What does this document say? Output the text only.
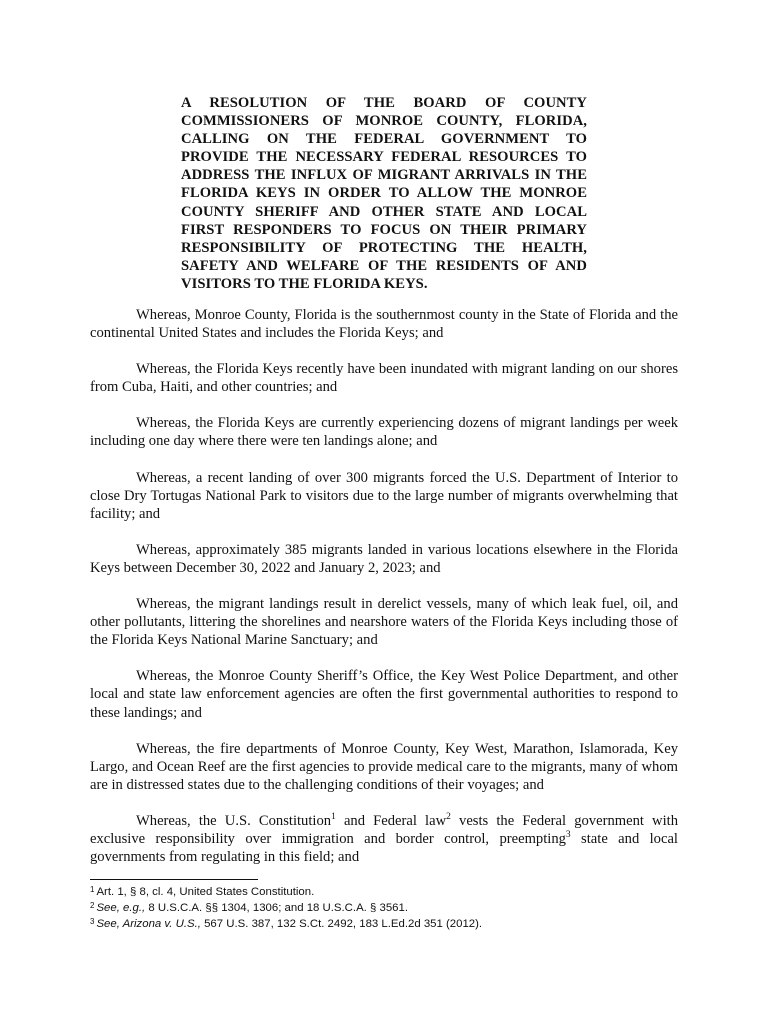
A RESOLUTION OF THE BOARD OF COUNTY COMMISSIONERS OF MONROE COUNTY, FLORIDA, CALLING ON THE FEDERAL GOVERNMENT TO PROVIDE THE NECESSARY FEDERAL RESOURCES TO ADDRESS THE INFLUX OF MIGRANT ARRIVALS IN THE FLORIDA KEYS IN ORDER TO ALLOW THE MONROE COUNTY SHERIFF AND OTHER STATE AND LOCAL FIRST RESPONDERS TO FOCUS ON THEIR PRIMARY RESPONSIBILITY OF PROTECTING THE HEALTH, SAFETY AND WELFARE OF THE RESIDENTS OF AND VISITORS TO THE FLORIDA KEYS.

Whereas, Monroe County, Florida is the southernmost county in the State of Florida and the continental United States and includes the Florida Keys; and

Whereas, the Florida Keys recently have been inundated with migrant landing on our shores from Cuba, Haiti, and other countries; and

Whereas, the Florida Keys are currently experiencing dozens of migrant landings per week including one day where there were ten landings alone; and

Whereas, a recent landing of over 300 migrants forced the U.S. Department of Interior to close Dry Tortugas National Park to visitors due to the large number of migrants overwhelming that facility; and

Whereas, approximately 385 migrants landed in various locations elsewhere in the Florida Keys between December 30, 2022 and January 2, 2023; and

Whereas, the migrant landings result in derelict vessels, many of which leak fuel, oil, and other pollutants, littering the shorelines and nearshore waters of the Florida Keys including those of the Florida Keys National Marine Sanctuary; and

Whereas, the Monroe County Sheriff’s Office, the Key West Police Department, and other local and state law enforcement agencies are often the first governmental authorities to respond to these landings; and

Whereas, the fire departments of Monroe County, Key West, Marathon, Islamorada, Key Largo, and Ocean Reef are the first agencies to provide medical care to the migrants, many of whom are in distressed states due to the challenging conditions of their voyages; and

Whereas, the U.S. Constitution$^1$ and Federal law$^2$ vests the Federal government with exclusive responsibility over immigration and border control, preempting$^3$ state and local governments from regulating in this field; and

$^1$ Art. 1, § 8, cl. 4, United States Constitution.
$^2$ See, e.g., 8 U.S.C.A. §§ 1304, 1306; and 18 U.S.C.A. § 3561.
$^3$ See, Arizona v. U.S., 567 U.S. 387, 132 S.Ct. 2492, 183 L.Ed.2d 351 (2012).
